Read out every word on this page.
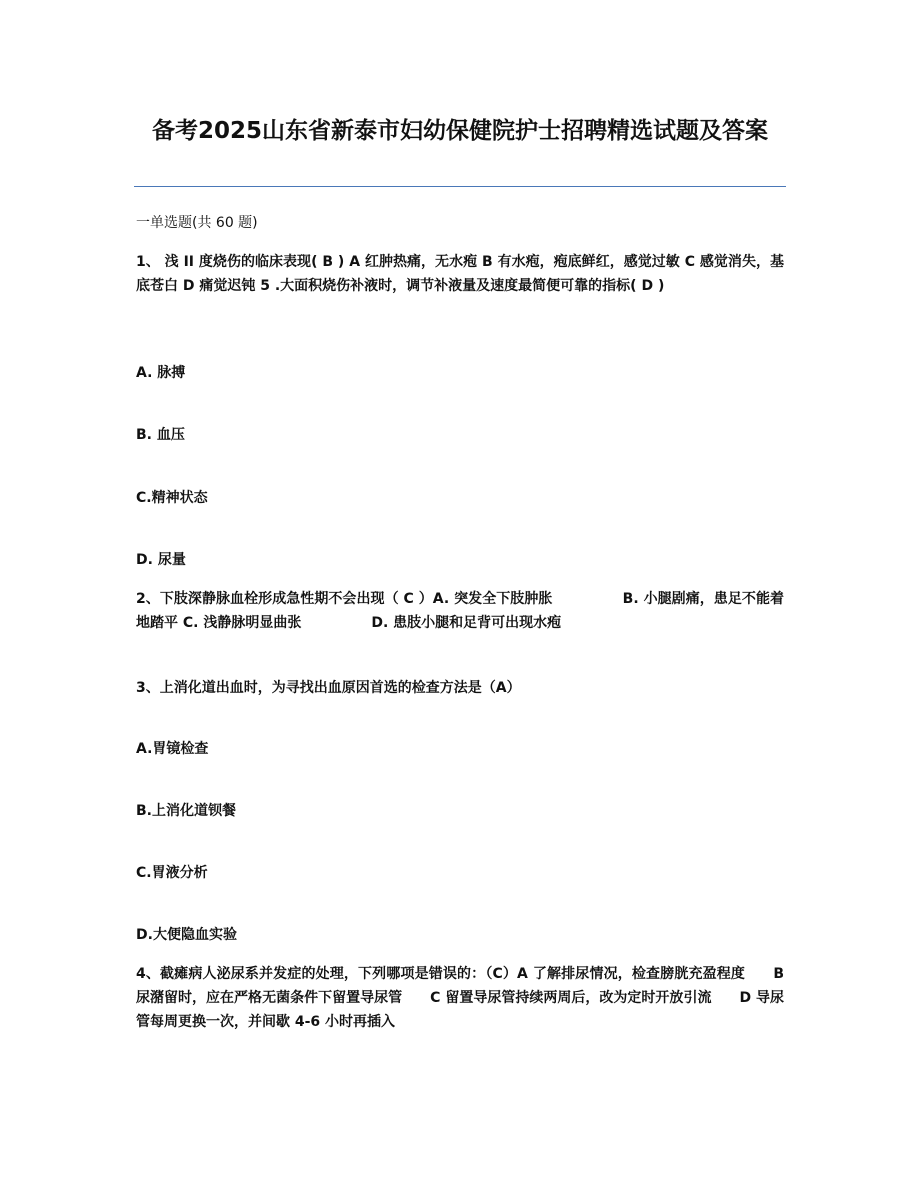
备考2025山东省新泰市妇幼保健院护士招聘精选试题及答案

一单选题(共 60 题)

1、 浅 II 度烧伤的临床表现( B ) A 红肿热痛，无水疱 B 有水疱，疱底鲜红，感觉过敏 C 感觉消失，基底苍白 D 痛觉迟钝 5 .大面积烧伤补液时，调节补液量及速度最简便可靠的指标( D )

A. 脉搏

B. 血压

C.精神状态

D. 尿量

2、下肢深静脉血栓形成急性期不会出现（ C ）A. 突发全下肢肿胀　　　　　B. 小腿剧痛，患足不能着地踏平 C. 浅静脉明显曲张　　　　　D. 患肢小腿和足背可出现水疱

3、上消化道出血时，为寻找出血原因首选的检查方法是（A）

A.胃镜检查

B.上消化道钡餐

C.胃液分析

D.大便隐血实验

4、截瘫病人泌尿系并发症的处理，下列哪项是错误的：（C）A 了解排尿情况，检查膀胱充盈程度　　B 尿潴留时，应在严格无菌条件下留置导尿管　　C 留置导尿管持续两周后，改为定时开放引流　　D 导尿管每周更换一次，并间歇 4-6 小时再插入
